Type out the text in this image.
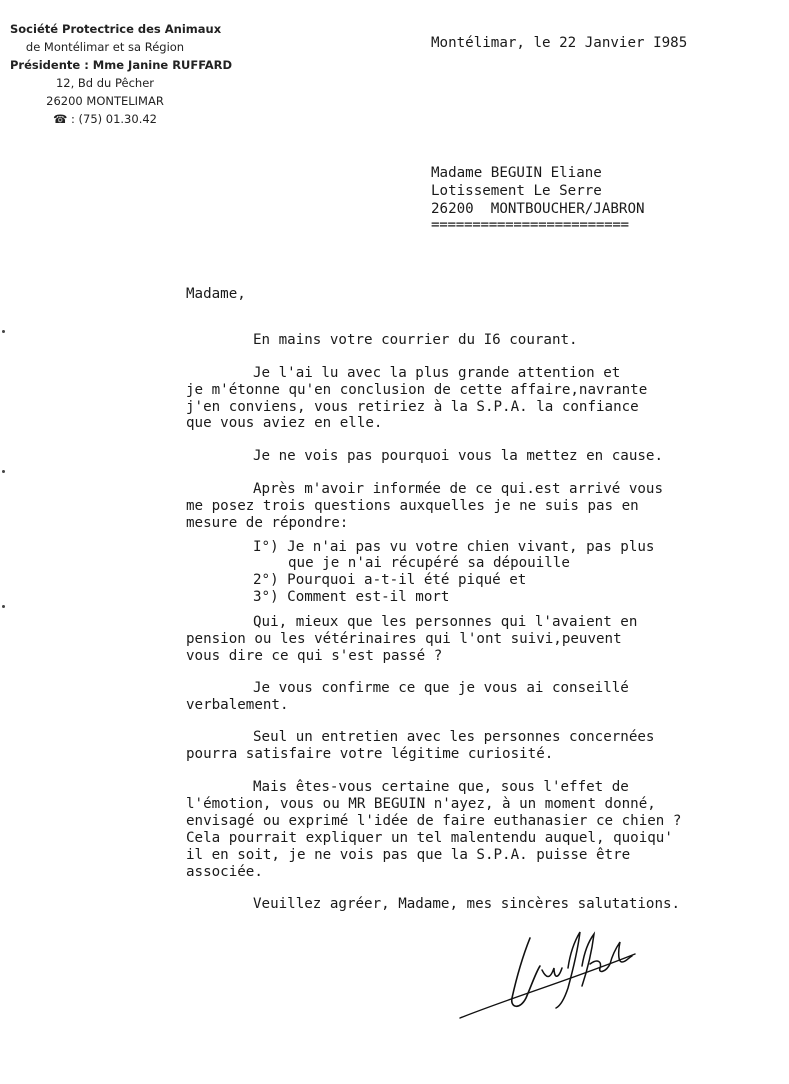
Société Protectrice des Animaux
de Montélimar et sa Région
Présidente : Mme Janine RUFFARD
12, Bd du Pêcher
26200 MONTELIMAR
☎ : (75) 01.30.42
Montélimar, le 22 Janvier I985
Madame BEGUIN Eliane
Lotissement Le Serre
26200  MONTBOUCHER/JABRON
========================
Madame,
En mains votre courrier du I6 courant.
Je l'ai lu avec la plus grande attention et
je m'étonne qu'en conclusion de cette affaire,navrante
j'en conviens, vous retiriez à la S.P.A. la confiance
que vous aviez en elle.
Je ne vois pas pourquoi vous la mettez en cause.
Après m'avoir informée de ce qui.est arrivé vous
me posez trois questions auxquelles je ne suis pas en
mesure de répondre:
I°) Je n'ai pas vu votre chien vivant, pas plus
que je n'ai récupéré sa dépouille
2°) Pourquoi a-t-il été piqué et
3°) Comment est-il mort
Qui, mieux que les personnes qui l'avaient en
pension ou les vétérinaires qui l'ont suivi,peuvent
vous dire ce qui s'est passé ?
Je vous confirme ce que je vous ai conseillé
verbalement.
Seul un entretien avec les personnes concernées
pourra satisfaire votre légitime curiosité.
Mais êtes-vous certaine que, sous l'effet de
l'émotion, vous ou MR BEGUIN n'ayez, à un moment donné,
envisagé ou exprimé l'idée de faire euthanasier ce chien ?
Cela pourrait expliquer un tel malentendu auquel, quoiqu'
il en soit, je ne vois pas que la S.P.A. puisse être
associée.
Veuillez agréer, Madame, mes sincères salutations.
